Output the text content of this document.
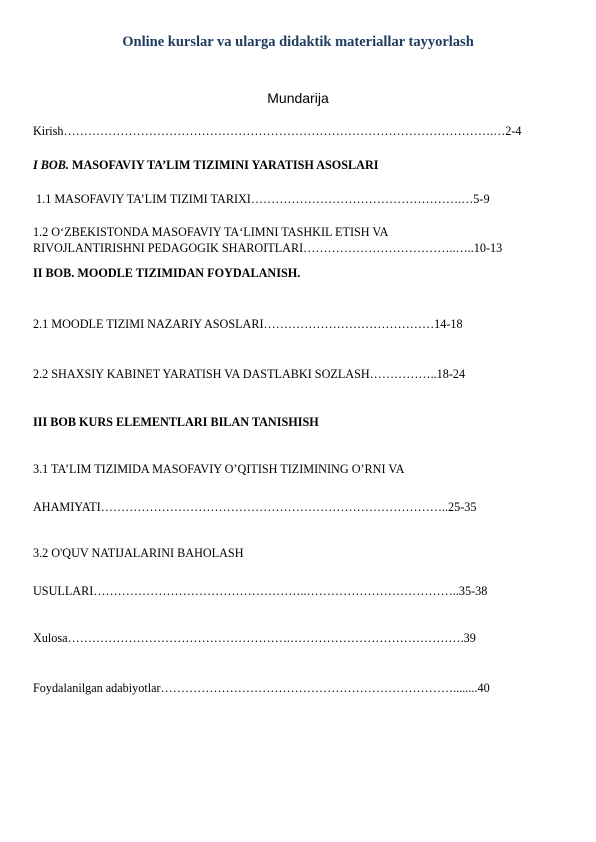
Online kurslar va ularga didaktik materiallar tayyorlash
Mundarija
Kirish…………………………………………………………………………………………….…2-4
I BOB. MASOFAVIY TA’LIM TIZIMINI YARATISH ASOSLARI
1.1 MASOFAVIY TA’LIM TIZIMI TARIXI…………………………………………….…5-9
1.2 O‘ZBEKISTONDA MASOFAVIY TA‘LIMNI TASHKIL ETISH VA
RIVOJLANTIRISHNI PEDAGOGIK SHAROITLARI………………………………..…..10-13
II BOB. MOODLE TIZIMIDAN FOYDALANISH.
2.1 MOODLE TIZIMI NAZARIY ASOSLARI……………………………………14-18
2.2 SHAXSIY KABINET YARATISH VA DASTLABKI SOZLASH……………..18-24
III BOB KURS ELEMENTLARI BILAN TANISHISH
3.1 TA’LIM TIZIMIDA MASOFAVIY O’QITISH TIZIMINING O’RNI VA
AHAMIYATI…………………………………………………………………………..25-35
3.2 O'QUV NATIJALARINI BAHOLASH
USULLARI……………………………………………..………………………………..35-38
Xulosa……………………………………………….…………………………………….39
Foydalanilgan adabiyotlar………………………………………………………………........40
